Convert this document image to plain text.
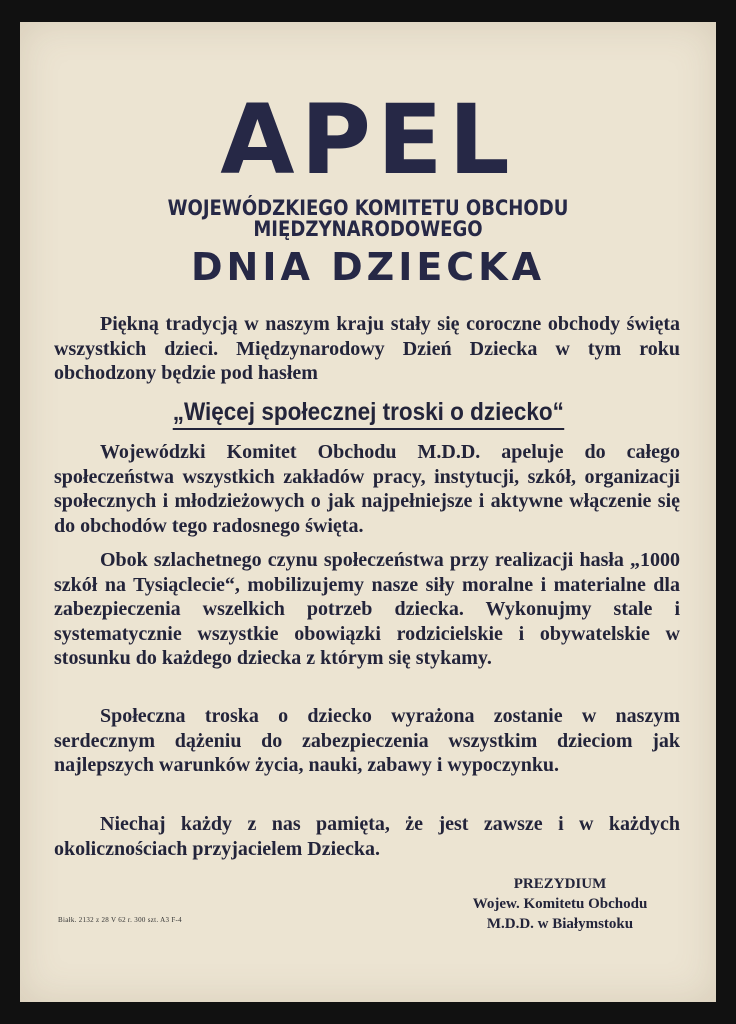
APEL
WOJEWÓDZKIEGO KOMITETU OBCHODU MIĘDZYNARODOWEGO
DNIA DZIECKA
Piękną tradycją w naszym kraju stały się coroczne obchody święta wszystkich dzieci. Międzynarodowy Dzień Dziecka w tym roku obchodzony będzie pod hasłem
„Więcej społecznej troski o dziecko“
Wojewódzki Komitet Obchodu M.D.D. apeluje do całego społeczeństwa wszystkich zakładów pracy, instytucji, szkół, organizacji społecznych i młodzieżowych o jak najpełniejsze i aktywne włączenie się do obchodów tego radosnego święta.
Obok szlachetnego czynu społeczeństwa przy realizacji hasła „1000 szkół na Tysiąclecie“, mobilizujemy nasze siły moralne i materialne dla zabezpieczenia wszelkich potrzeb dziecka. Wykonujmy stale i systematycznie wszystkie obowiązki rodzicielskie i obywatelskie w stosunku do każdego dziecka z którym się stykamy.
Społeczna troska o dziecko wyrażona zostanie w naszym serdecznym dążeniu do zabezpieczenia wszystkim dzieciom jak najlepszych warunków życia, nauki, zabawy i wypoczynku.
Niechaj każdy z nas pamięta, że jest zawsze i w każdych okolicznościach przyjacielem Dziecka.
Białk. 2132 z 28 V 62 r. 300 szt. A3 F-4
PREZYDIUM
Wojew. Komitetu Obchodu
M.D.D. w Białymstoku
